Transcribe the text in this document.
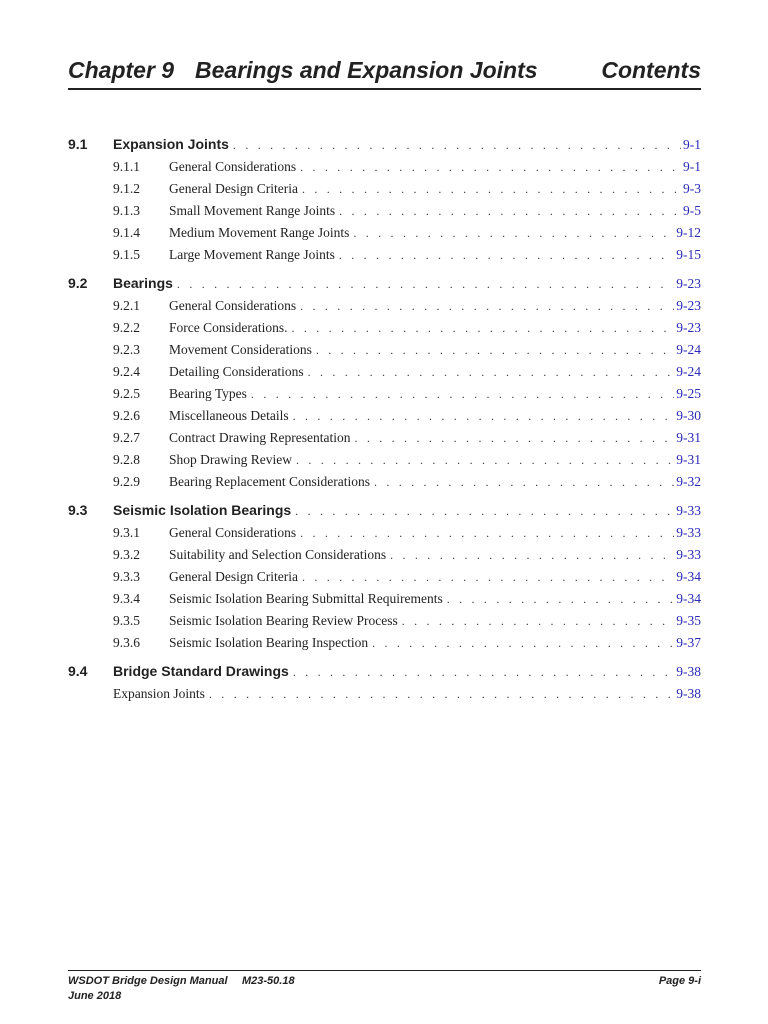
Chapter 9 Bearings and Expansion Joints	Contents
9.1	Expansion Joints . . .	9-1
9.1.1	General Considerations . . .	9-1
9.1.2	General Design Criteria . . .	9-3
9.1.3	Small Movement Range Joints . . .	9-5
9.1.4	Medium Movement Range Joints . . .	9-12
9.1.5	Large Movement Range Joints . . .	9-15
9.2	Bearings . . .	9-23
9.2.1	General Considerations . . .	9-23
9.2.2	Force Considerations. . . .	9-23
9.2.3	Movement Considerations . . .	9-24
9.2.4	Detailing Considerations . . .	9-24
9.2.5	Bearing Types . . .	9-25
9.2.6	Miscellaneous Details . . .	9-30
9.2.7	Contract Drawing Representation . . .	9-31
9.2.8	Shop Drawing Review . . .	9-31
9.2.9	Bearing Replacement Considerations . . .	9-32
9.3	Seismic Isolation Bearings . . .	9-33
9.3.1	General Considerations . . .	9-33
9.3.2	Suitability and Selection Considerations . . .	9-33
9.3.3	General Design Criteria . . .	9-34
9.3.4	Seismic Isolation Bearing Submittal Requirements . . .	9-34
9.3.5	Seismic Isolation Bearing Review Process . . .	9-35
9.3.6	Seismic Isolation Bearing Inspection . . .	9-37
9.4	Bridge Standard Drawings . . .	9-38
Expansion Joints . . .	9-38
WSDOT Bridge Design Manual M23-50.18
June 2018
Page 9-i
